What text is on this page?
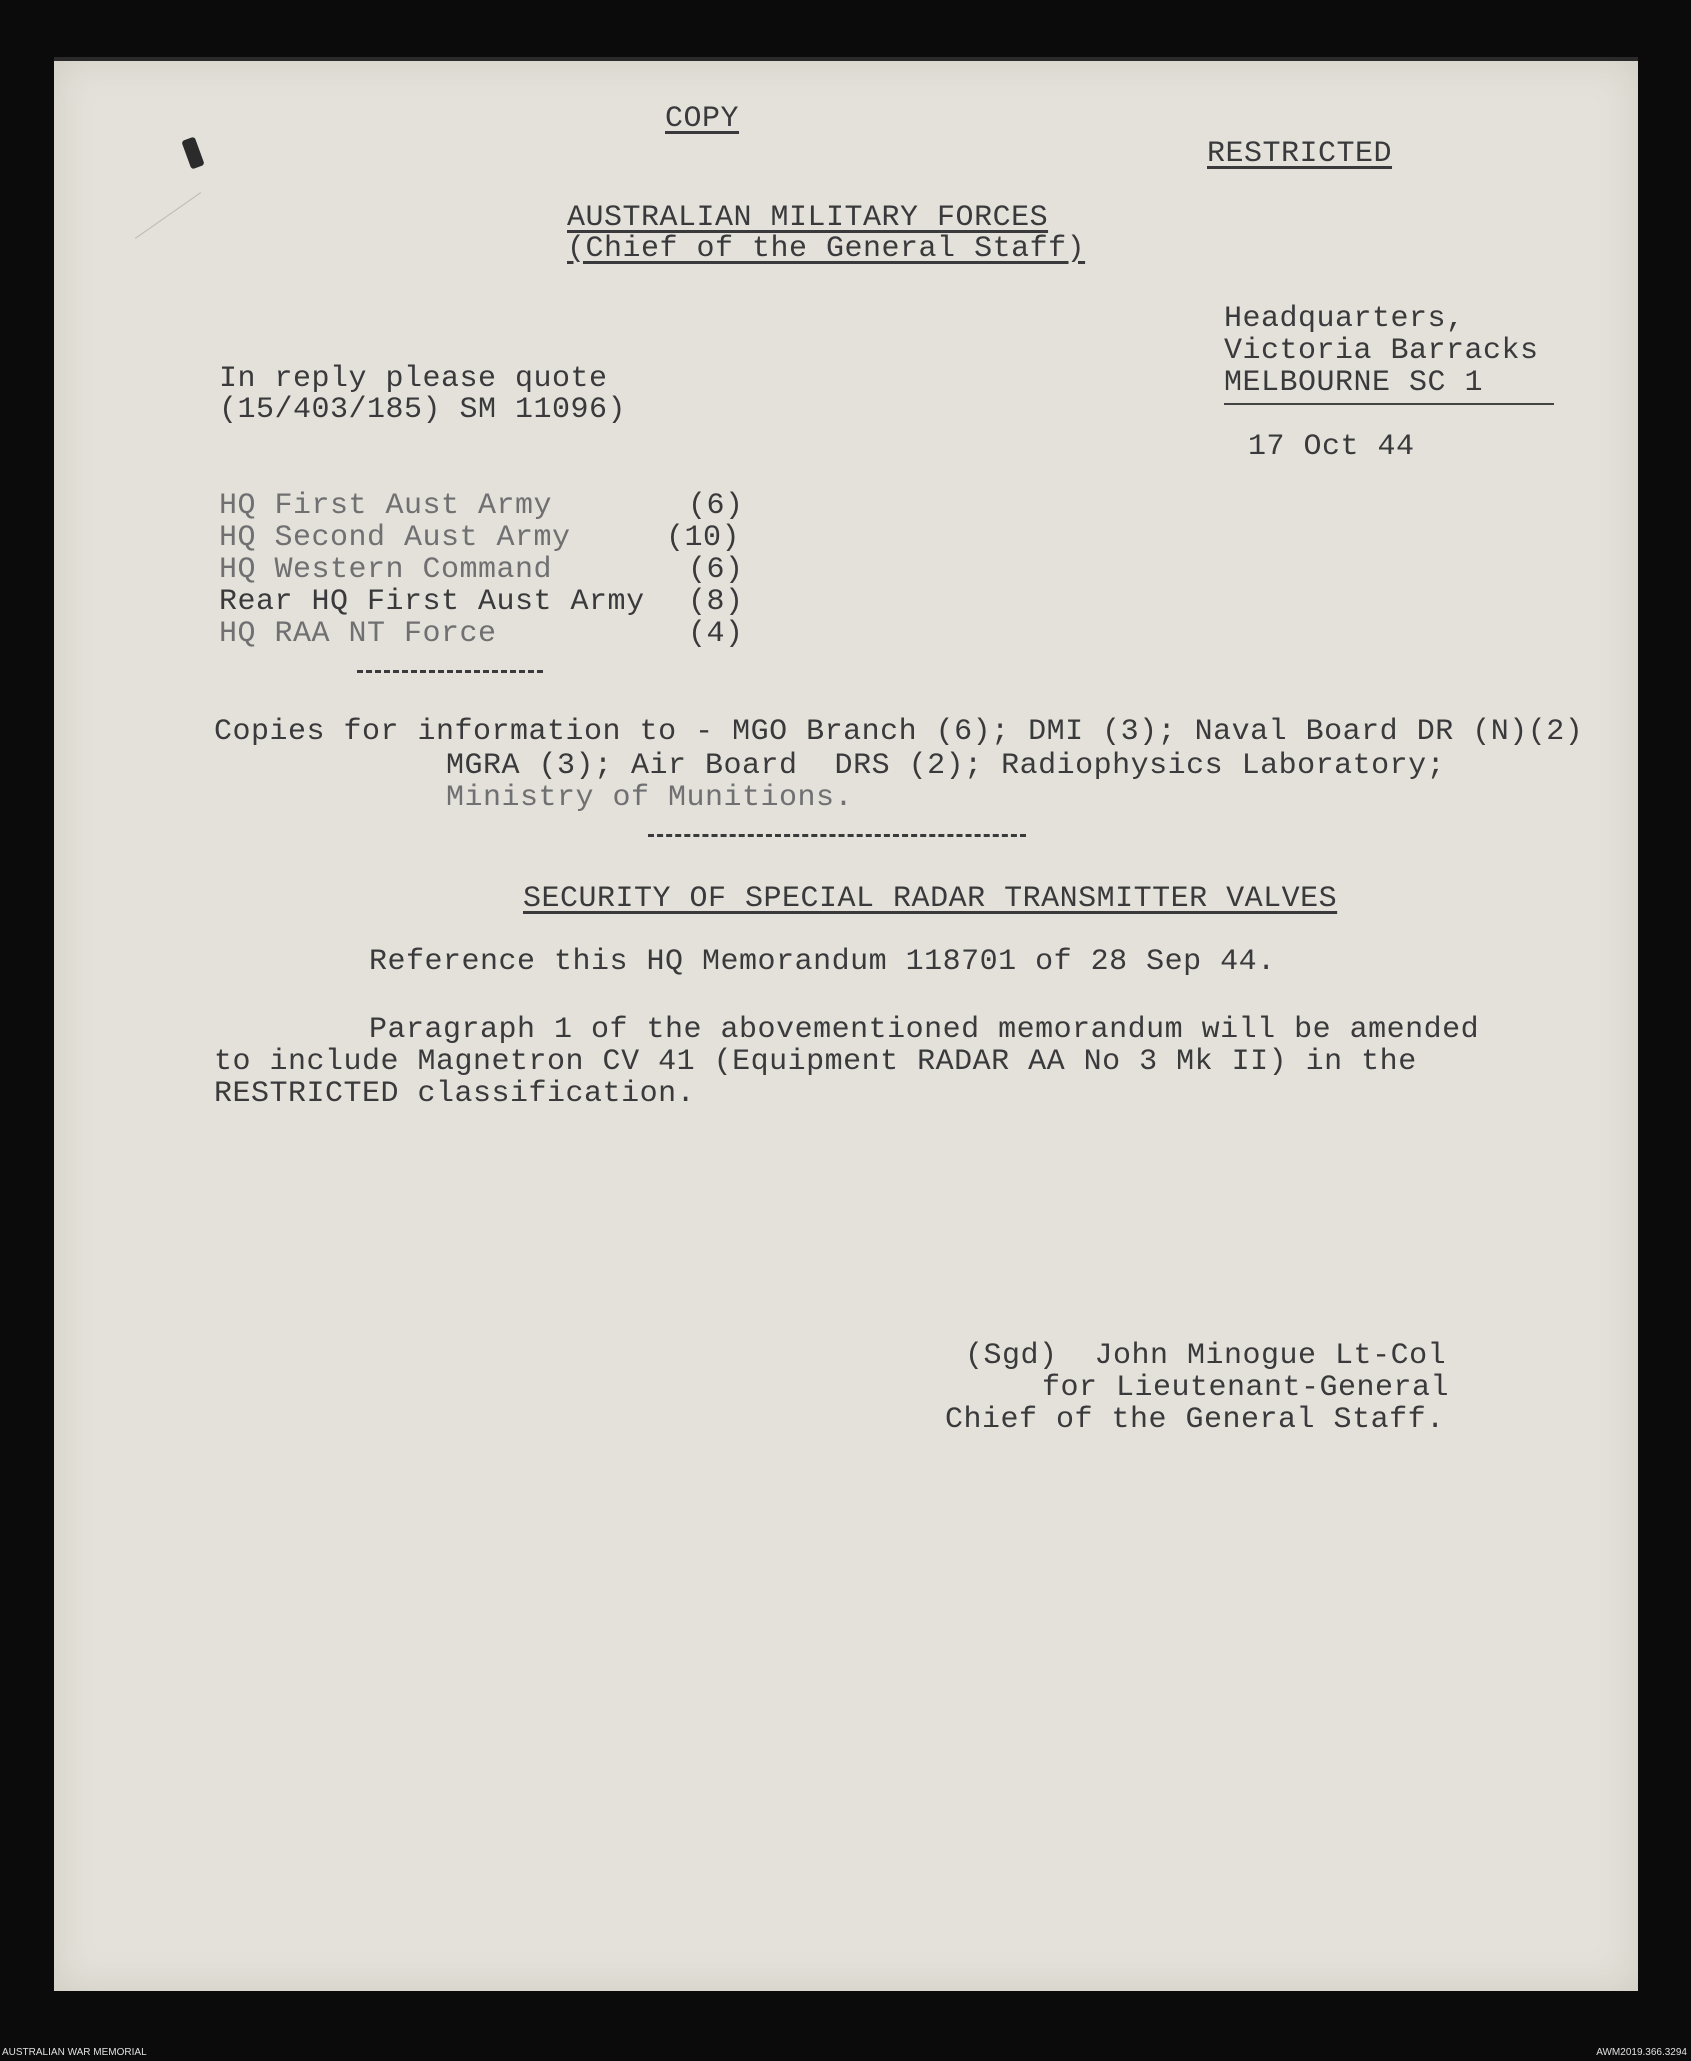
COPY
RESTRICTED
AUSTRALIAN MILITARY FORCES
(Chief of the General Staff)
Headquarters,
Victoria Barracks
MELBOURNE SC 1
17 Oct 44
In reply please quote
(15/403/185) SM 11096)
HQ First Aust Army	(6)
HQ Second Aust Army	(10)
HQ Western Command	(6)
Rear HQ First Aust Army (8)
HQ RAA NT Force	(4)
Copies for information to - MGO Branch (6); DMI (3); Naval Board DR (N)(2)
MGRA (3); Air Board  DRS (2); Radiophysics Laboratory;
Ministry of Munitions.
SECURITY OF SPECIAL RADAR TRANSMITTER VALVES
Reference this HQ Memorandum 118701 of 28 Sep 44.
Paragraph 1 of the abovementioned memorandum will be amended
to include Magnetron CV 41 (Equipment RADAR AA No 3 Mk II) in the
RESTRICTED classification.
(Sgd)  John Minogue Lt-Col
for Lieutenant-General
Chief of the General Staff.
AUSTRALIAN WAR MEMORIAL	AWM2019.366.3294
